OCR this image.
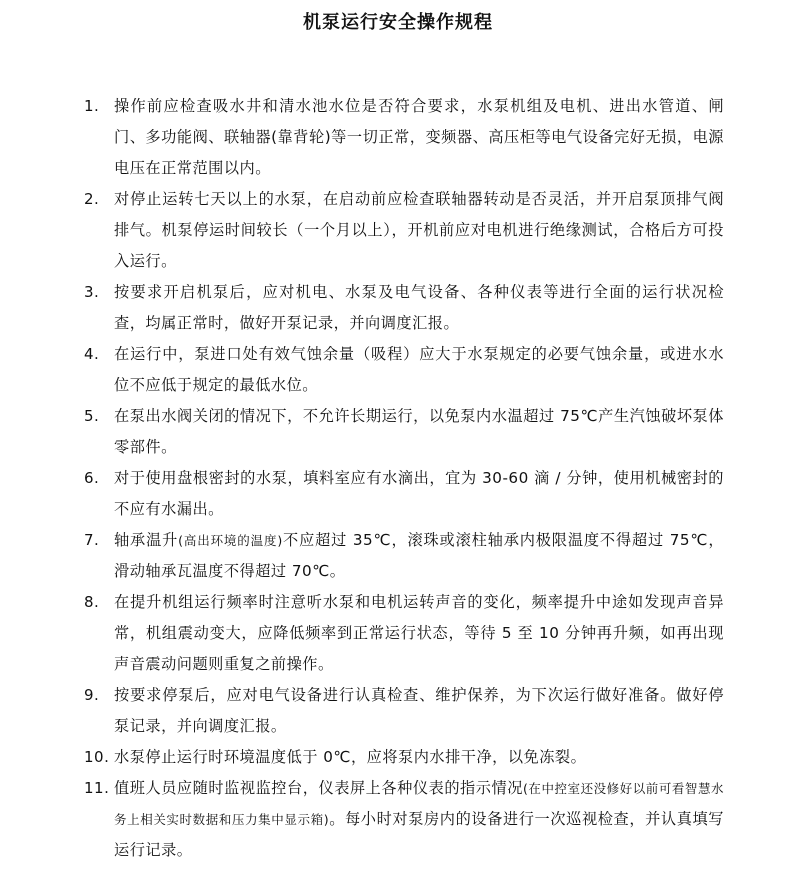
机泵运行安全操作规程
1. 操作前应检查吸水井和清水池水位是否符合要求，水泵机组及电机、进出水管道、闸门、多功能阀、联轴器(靠背轮)等一切正常，变频器、高压柜等电气设备完好无损，电源电压在正常范围以内。
2. 对停止运转七天以上的水泵，在启动前应检查联轴器转动是否灵活，并开启泵顶排气阀排气。机泵停运时间较长（一个月以上），开机前应对电机进行绝缘测试，合格后方可投入运行。
3. 按要求开启机泵后，应对机电、水泵及电气设备、各种仪表等进行全面的运行状况检查，均属正常时，做好开泵记录，并向调度汇报。
4. 在运行中，泵进口处有效气蚀余量（吸程）应大于水泵规定的必要气蚀余量，或进水水位不应低于规定的最低水位。
5. 在泵出水阀关闭的情况下，不允许长期运行，以免泵内水温超过 75℃产生汽蚀破坏泵体零部件。
6. 对于使用盘根密封的水泵，填料室应有水滴出，宜为 30-60 滴 / 分钟，使用机械密封的不应有水漏出。
7. 轴承温升(高出环境的温度)不应超过 35℃，滚珠或滚柱轴承内极限温度不得超过 75℃，滑动轴承瓦温度不得超过 70℃。
8. 在提升机组运行频率时注意听水泵和电机运转声音的变化，频率提升中途如发现声音异常，机组震动变大，应降低频率到正常运行状态，等待 5 至 10 分钟再升频，如再出现声音震动问题则重复之前操作。
9. 按要求停泵后，应对电气设备进行认真检查、维护保养，为下次运行做好准备。做好停泵记录，并向调度汇报。
10. 水泵停止运行时环境温度低于 0℃，应将泵内水排干净，以免冻裂。
11. 值班人员应随时监视监控台，仪表屏上各种仪表的指示情况(在中控室还没修好以前可看智慧水务上相关实时数据和压力集中显示箱)。每小时对泵房内的设备进行一次巡视检查，并认真填写运行记录。
